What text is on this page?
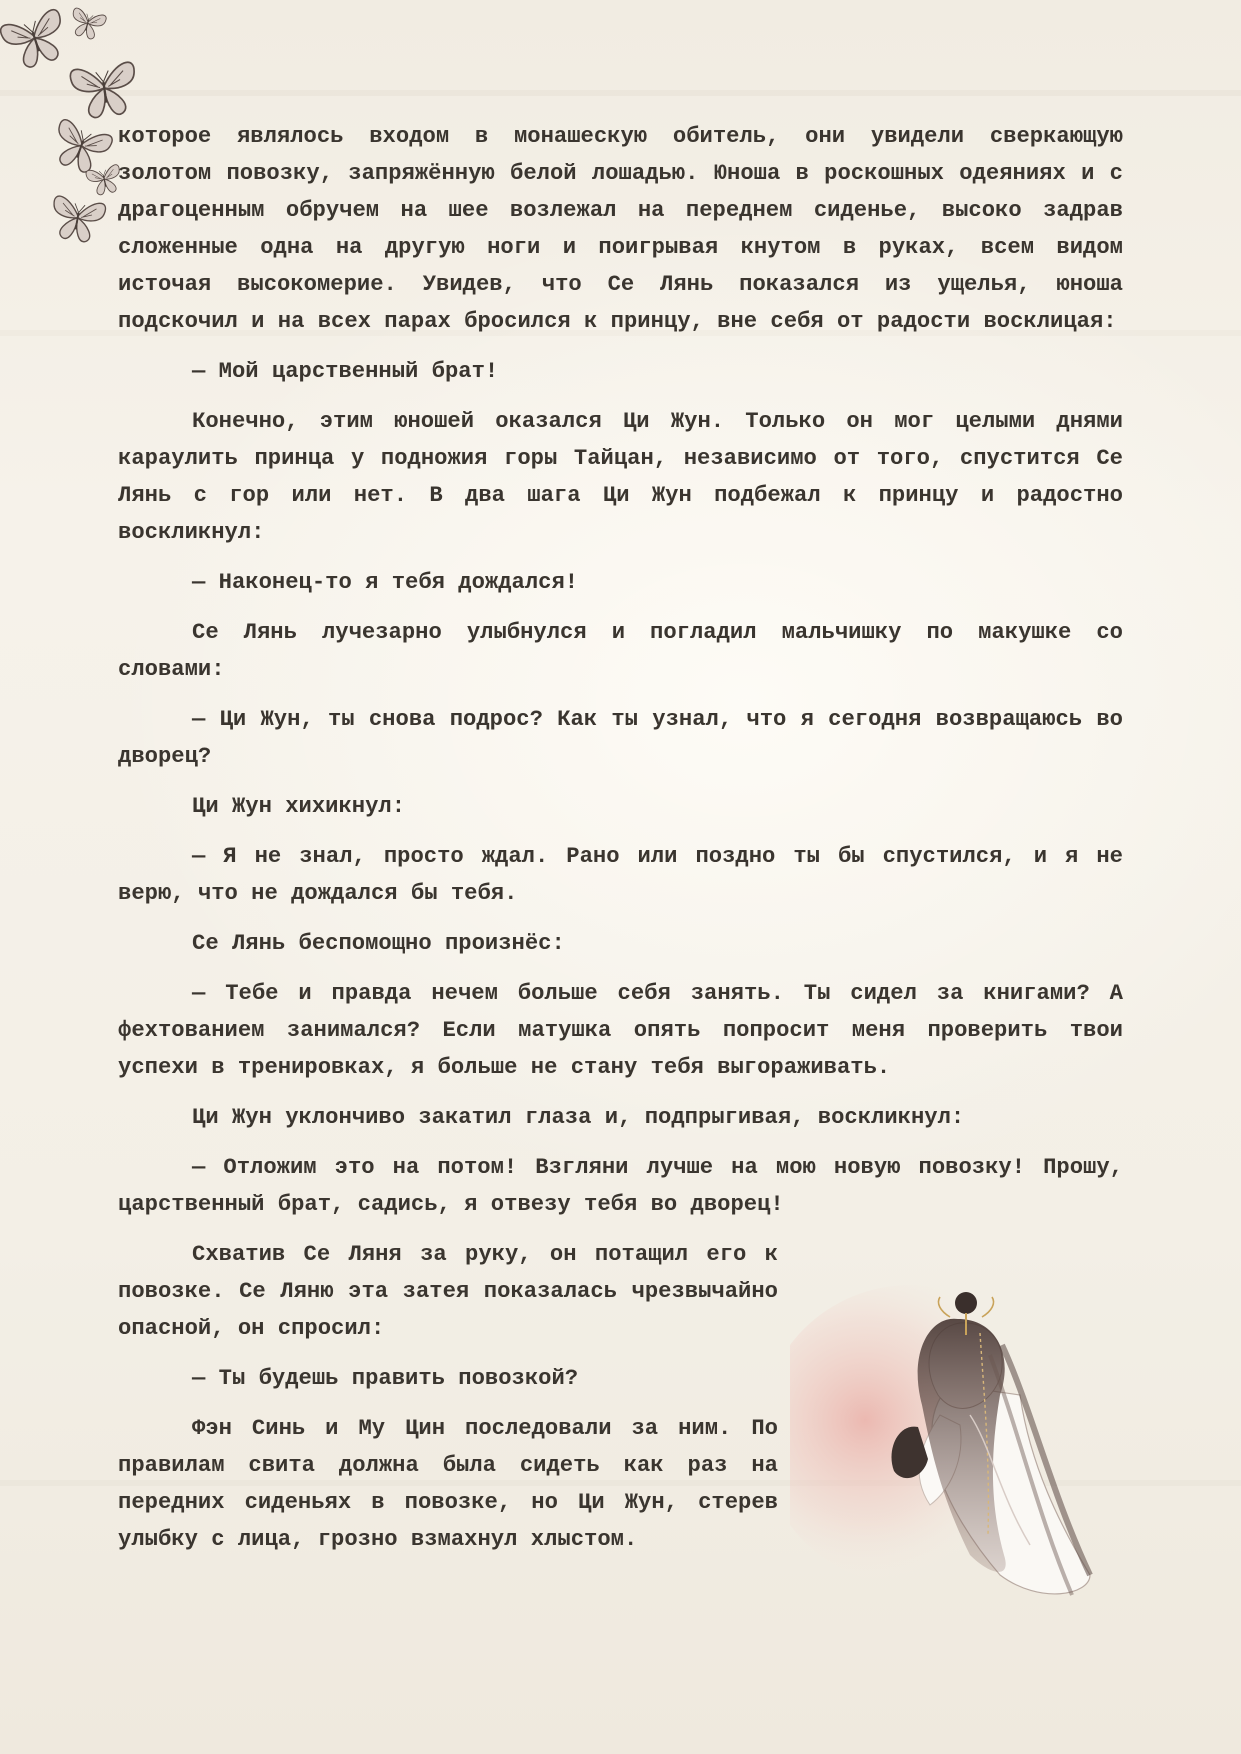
которое являлось входом в монашескую обитель, они увидели сверкающую золотом повозку, запряжённую белой лошадью. Юноша в роскошных одеяниях и с драгоценным обручем на шее возлежал на переднем сиденье, высоко задрав сложенные одна на другую ноги и поигрывая кнутом в руках, всем видом источая высокомерие. Увидев, что Се Лянь показался из ущелья, юноша подскочил и на всех парах бросился к принцу, вне себя от радости восклицая:

— Мой царственный брат!

Конечно, этим юношей оказался Ци Жун. Только он мог целыми днями караулить принца у подножия горы Тайцан, независимо от того, спустится Се Лянь с гор или нет. В два шага Ци Жун подбежал к принцу и радостно воскликнул:

— Наконец-то я тебя дождался!

Се Лянь лучезарно улыбнулся и погладил мальчишку по макушке со словами:

— Ци Жун, ты снова подрос? Как ты узнал, что я сегодня возвращаюсь во дворец?

Ци Жун хихикнул:

— Я не знал, просто ждал. Рано или поздно ты бы спустился, и я не верю, что не дождался бы тебя.

Се Лянь беспомощно произнёс:

— Тебе и правда нечем больше себя занять. Ты сидел за книгами? А фехтованием занимался? Если матушка опять попросит меня проверить твои успехи в тренировках, я больше не стану тебя выгораживать.

Ци Жун уклончиво закатил глаза и, подпрыгивая, воскликнул:

— Отложим это на потом! Взгляни лучше на мою новую повозку! Прошу, царственный брат, садись, я отвезу тебя во дворец!

Схватив Се Ляня за руку, он потащил его к повозке. Се Ляню эта затея показалась чрезвычайно опасной, он спросил:

— Ты будешь править повозкой?

Фэн Синь и Му Цин последовали за ним. По правилам свита должна была сидеть как раз на передних сиденьях в повозке, но Ци Жун, стерев улыбку с лица, грозно взмахнул хлыстом.
